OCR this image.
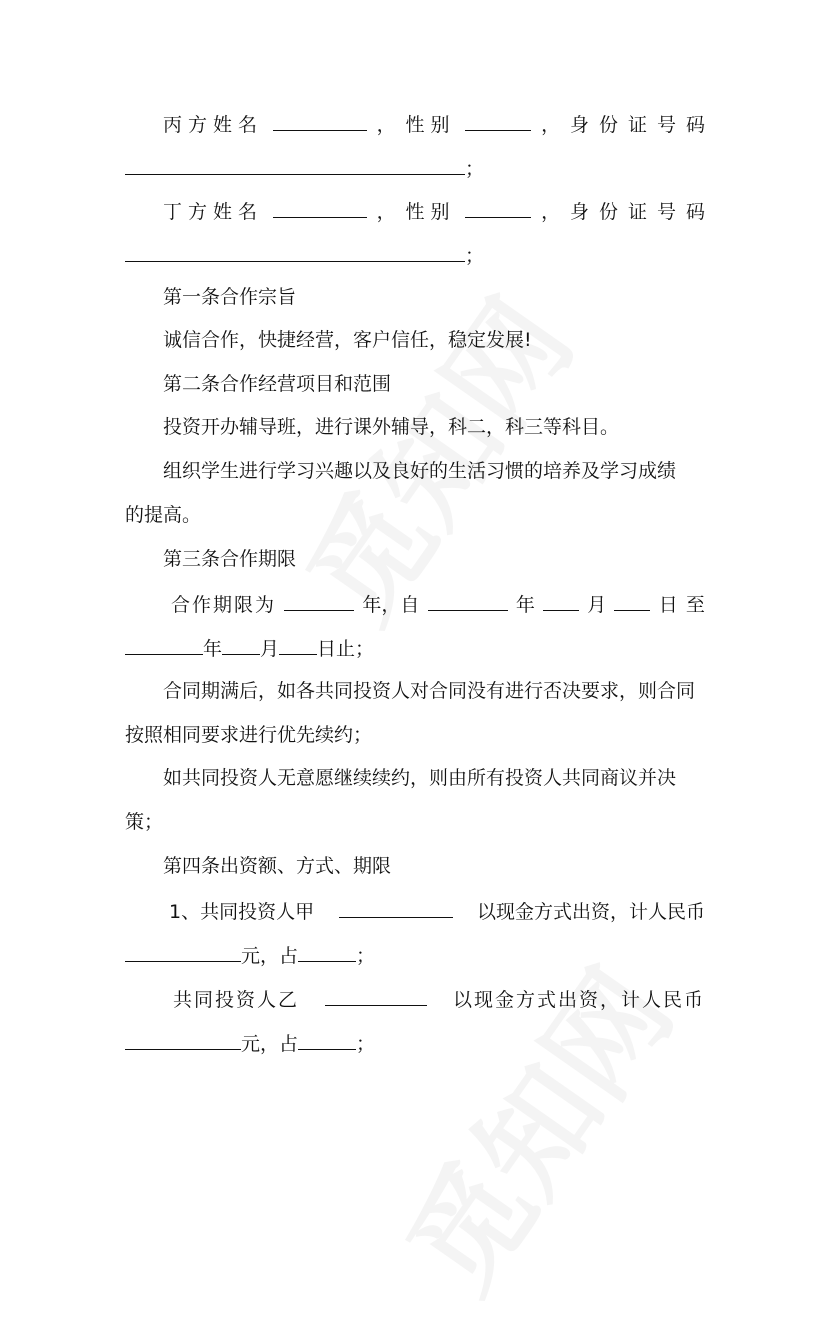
丙方姓名	， 性别	， 身份证号码
；
丁方姓名	， 性别	， 身份证号码
；
第一条合作宗旨
诚信合作，快捷经营，客户信任，稳定发展!
第二条合作经营项目和范围
投资开办辅导班，进行课外辅导，科二，科三等科目。
组织学生进行学习兴趣以及良好的生活习惯的培养及学习成绩
的提高。
第三条合作期限
合作期限为	年，自	年	月	日 至
年 月 日止；
合同期满后，如各共同投资人对合同没有进行否决要求，则合同
按照相同要求进行优先续约；
如共同投资人无意愿继续续约，则由所有投资人共同商议并决
策；
第四条出资额、方式、期限
1、共同投资人甲	以现金方式出资，计人民币
元，占	；
共同投资人乙	以现金方式出资，计人民币
元，占	；
